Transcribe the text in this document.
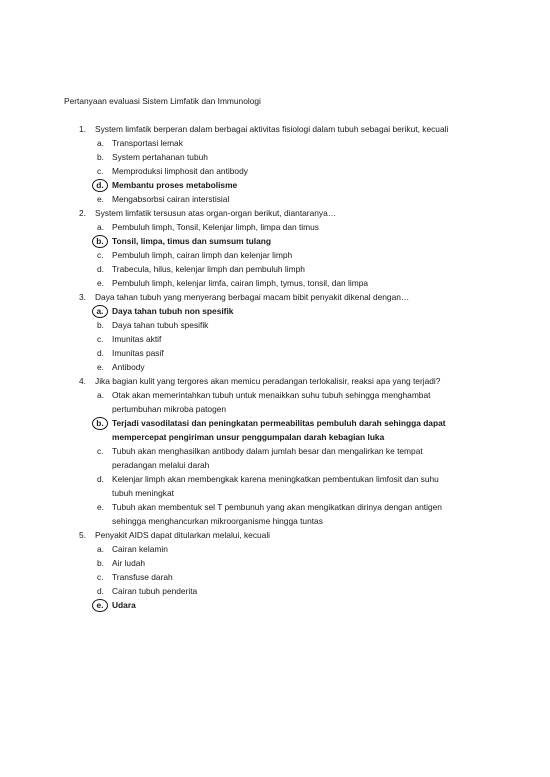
Pertanyaan evaluasi Sistem Limfatik dan Immunologi
1. System limfatik berperan dalam berbagai aktivitas fisiologi dalam tubuh sebagai berikut, kecuali
a. Transportasi lemak
b. System pertahanan tubuh
c.	Memproduksi limphosit dan antibody
d. Membantu proses metabolisme
e. Mengabsorbsi cairan interstisial
2. System limfatik tersusun atas organ-organ berikut, diantaranya…
a. Pembuluh limph, Tonsil, Kelenjar limph, limpa dan timus
b. Tonsil, limpa, timus dan sumsum tulang
c.	Pembuluh limph, cairan limph dan kelenjar limph
d. Trabecula, hilus, kelenjar limph dan pembuluh limph
e. Pembuluh limph, kelenjar limfa, cairan limph, tymus, tonsil, dan limpa
3. Daya tahan tubuh yang menyerang berbagai macam bibit penyakit dikenal dengan…
a.	Daya tahan tubuh non spesifik
b. Daya tahan tubuh spesifik
c.	Imunitas aktif
d. Imunitas pasif
e. Antibody
4. Jika bagian kulit yang tergores akan memicu peradangan terlokalisir, reaksi apa yang terjadi?
a. Otak akan memerintahkan tubuh untuk menaikkan suhu tubuh sehingga menghambat
pertumbuhan mikroba patogen
b. Terjadi vasodilatasi dan peningkatan permeabilitas pembuluh darah sehingga dapat
mempercepat pengiriman unsur penggumpalan darah kebagian luka
c.	Tubuh akan menghasilkan antibody dalam jumlah besar dan mengalirkan ke tempat
peradangan melalui darah
d. Kelenjar limph akan membengkak karena meningkatkan pembentukan limfosit dan suhu
tubuh meningkat
e. Tubuh akan membentuk sel T pembunuh yang akan mengikatkan dirinya dengan antigen
sehingga menghancurkan mikroorganisme hingga tuntas
5. Penyakit AIDS dapat ditularkan melalui, kecuali
a. Cairan kelamin
b. Air ludah
c.	Transfuse darah
d. Cairan tubuh penderita
e.	Udara
